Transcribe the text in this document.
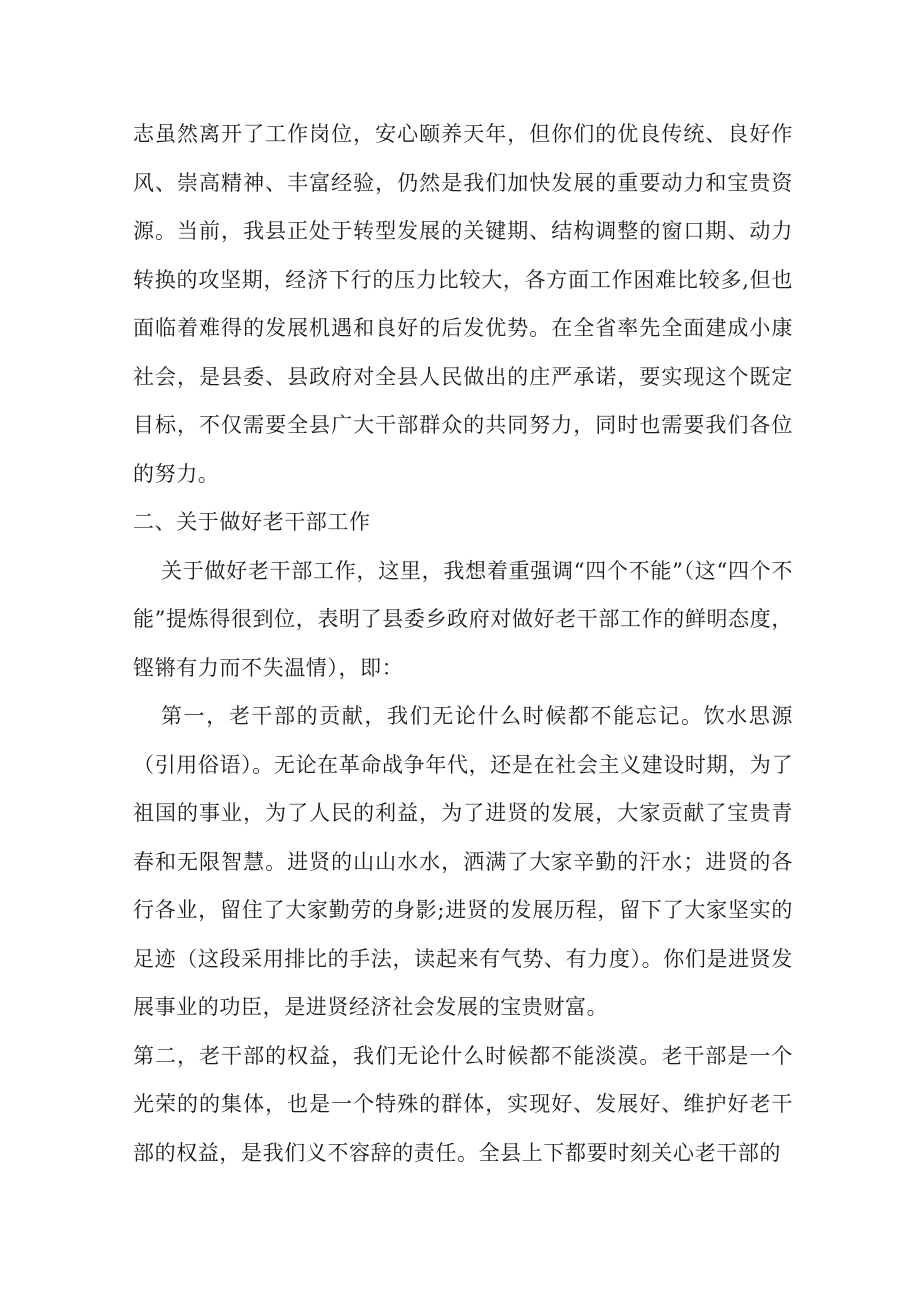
志虽然离开了工作岗位，安心颐养天年，但你们的优良传统、良好作风、崇高精神、丰富经验，仍然是我们加快发展的重要动力和宝贵资源。当前，我县正处于转型发展的关键期、结构调整的窗口期、动力转换的攻坚期，经济下行的压力比较大，各方面工作困难比较多,但也面临着难得的发展机遇和良好的后发优势。在全省率先全面建成小康社会，是县委、县政府对全县人民做出的庄严承诺，要实现这个既定目标，不仅需要全县广大干部群众的共同努力，同时也需要我们各位的努力。

二、关于做好老干部工作

关于做好老干部工作，这里，我想着重强调“四个不能”（这“四个不能”提炼得很到位，表明了县委乡政府对做好老干部工作的鲜明态度，铿锵有力而不失温情），即：

第一，老干部的贡献，我们无论什么时候都不能忘记。饮水思源（引用俗语）。无论在革命战争年代，还是在社会主义建设时期，为了祖国的事业，为了人民的利益，为了进贤的发展，大家贡献了宝贵青春和无限智慧。进贤的山山水水，洒满了大家辛勤的汗水；进贤的各行各业，留住了大家勤劳的身影;进贤的发展历程，留下了大家坚实的足迹（这段采用排比的手法，读起来有气势、有力度）。你们是进贤发展事业的功臣，是进贤经济社会发展的宝贵财富。

第二，老干部的权益，我们无论什么时候都不能淡漠。老干部是一个光荣的的集体，也是一个特殊的群体，实现好、发展好、维护好老干部的权益，是我们义不容辞的责任。全县上下都要时刻关心老干部的
